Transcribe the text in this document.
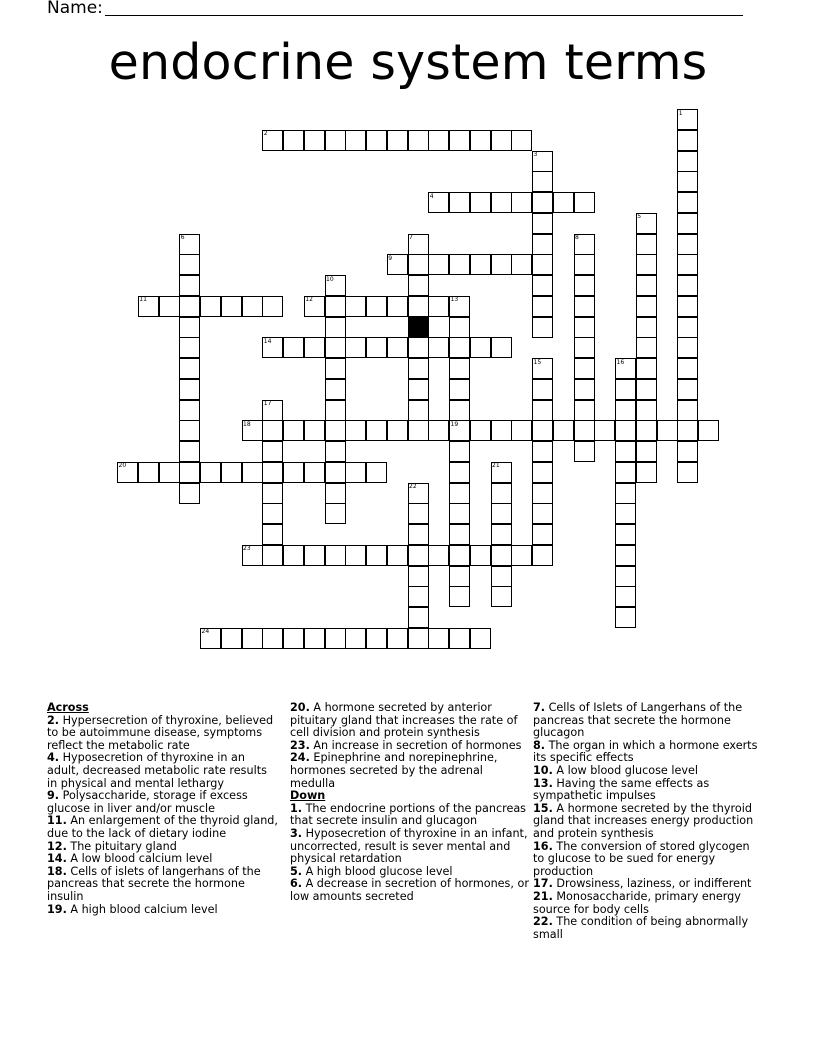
Name:
endocrine system terms
1
2
3
4
5
6	7	8
9
10
11	12	13
14
15	16
17
18	19
20	21
22
23
24
Across
2. Hypersecretion of thyroxine, believed to be autoimmune disease, symptoms reflect the metabolic rate
4. Hyposecretion of thyroxine in an adult, decreased metabolic rate results in physical and mental lethargy
9. Polysaccharide, storage if excess glucose in liver and/or muscle
11. An enlargement of the thyroid gland, due to the lack of dietary iodine
12. The pituitary gland
14. A low blood calcium level
18. Cells of islets of langerhans of the pancreas that secrete the hormone insulin
19. A high blood calcium level
20. A hormone secreted by anterior pituitary gland that increases the rate of cell division and protein synthesis
23. An increase in secretion of hormones
24. Epinephrine and norepinephrine, hormones secreted by the adrenal medulla
Down
1. The endocrine portions of the pancreas that secrete insulin and glucagon
3. Hyposecretion of thyroxine in an infant, uncorrected, result is sever mental and physical retardation
5. A high blood glucose level
6. A decrease in secretion of hormones, or low amounts secreted
7. Cells of Islets of Langerhans of the pancreas that secrete the hormone glucagon
8. The organ in which a hormone exerts its specific effects
10. A low blood glucose level
13. Having the same effects as sympathetic impulses
15. A hormone secreted by the thyroid gland that increases energy production and protein synthesis
16. The conversion of stored glycogen to glucose to be sued for energy production
17. Drowsiness, laziness, or indifferent
21. Monosaccharide, primary energy source for body cells
22. The condition of being abnormally small
